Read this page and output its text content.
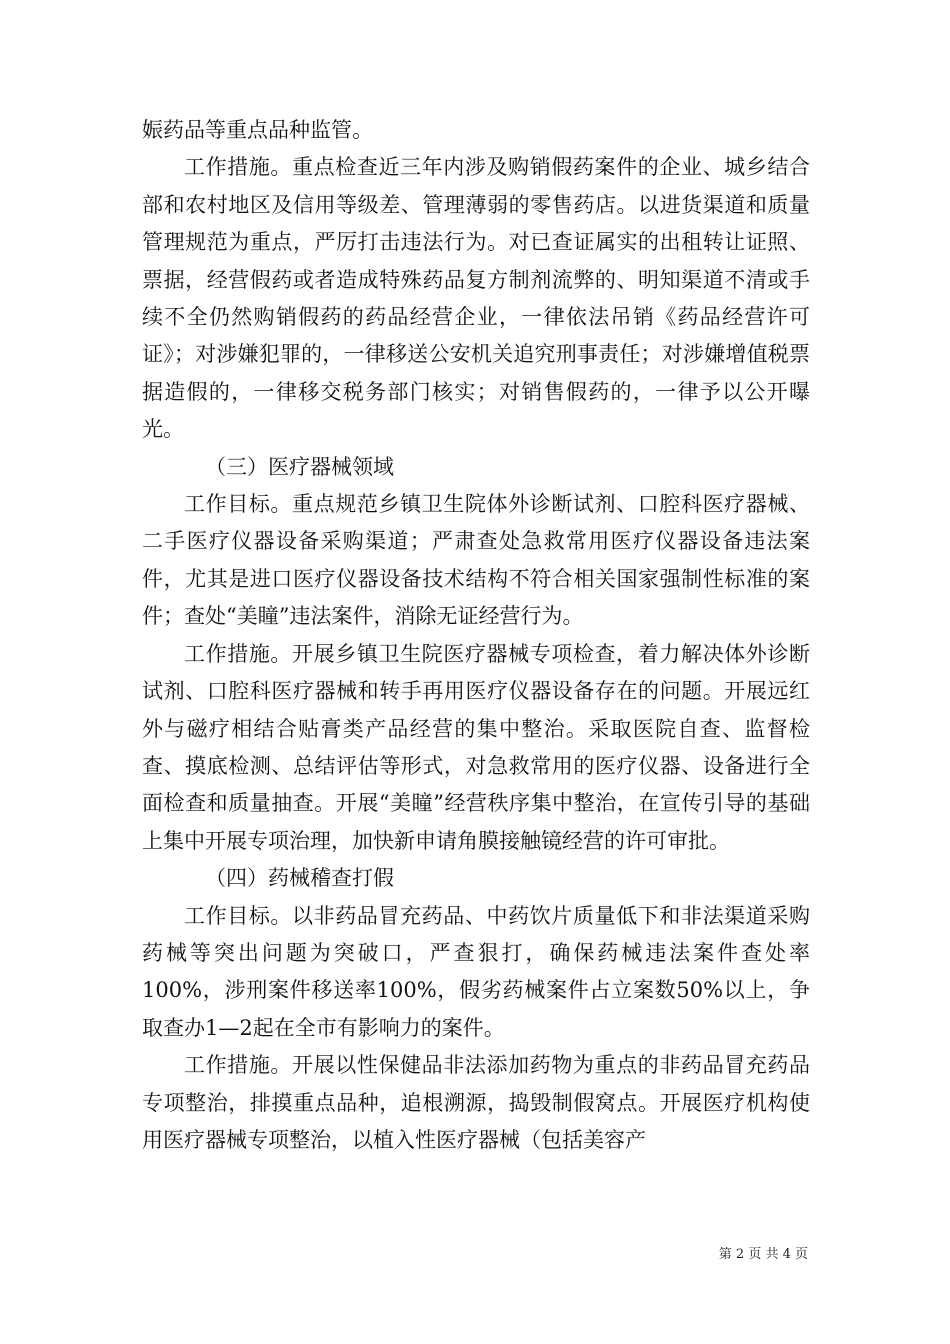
娠药品等重点品种监管。

工作措施。重点检查近三年内涉及购销假药案件的企业、城乡结合部和农村地区及信用等级差、管理薄弱的零售药店。以进货渠道和质量管理规范为重点，严厉打击违法行为。对已查证属实的出租转让证照、票据，经营假药或者造成特殊药品复方制剂流弊的、明知渠道不清或手续不全仍然购销假药的药品经营企业，一律依法吊销《药品经营许可证》；对涉嫌犯罪的，一律移送公安机关追究刑事责任；对涉嫌增值税票据造假的，一律移交税务部门核实；对销售假药的，一律予以公开曝光。

（三）医疗器械领域

工作目标。重点规范乡镇卫生院体外诊断试剂、口腔科医疗器械、二手医疗仪器设备采购渠道；严肃查处急救常用医疗仪器设备违法案件，尤其是进口医疗仪器设备技术结构不符合相关国家强制性标准的案件；查处“美瞳”违法案件，消除无证经营行为。

工作措施。开展乡镇卫生院医疗器械专项检查，着力解决体外诊断试剂、口腔科医疗器械和转手再用医疗仪器设备存在的问题。开展远红外与磁疗相结合贴膏类产品经营的集中整治。采取医院自查、监督检查、摸底检测、总结评估等形式，对急救常用的医疗仪器、设备进行全面检查和质量抽查。开展“美瞳”经营秩序集中整治，在宣传引导的基础上集中开展专项治理，加快新申请角膜接触镜经营的许可审批。

（四）药械稽查打假

工作目标。以非药品冒充药品、中药饮片质量低下和非法渠道采购药械等突出问题为突破口，严查狠打，确保药械违法案件查处率100%，涉刑案件移送率100%，假劣药械案件占立案数50%以上，争取查办1—2起在全市有影响力的案件。

工作措施。开展以性保健品非法添加药物为重点的非药品冒充药品专项整治，排摸重点品种，追根溯源，捣毁制假窝点。开展医疗机构使用医疗器械专项整治，以植入性医疗器械（包括美容产

第 2 页 共 4 页
